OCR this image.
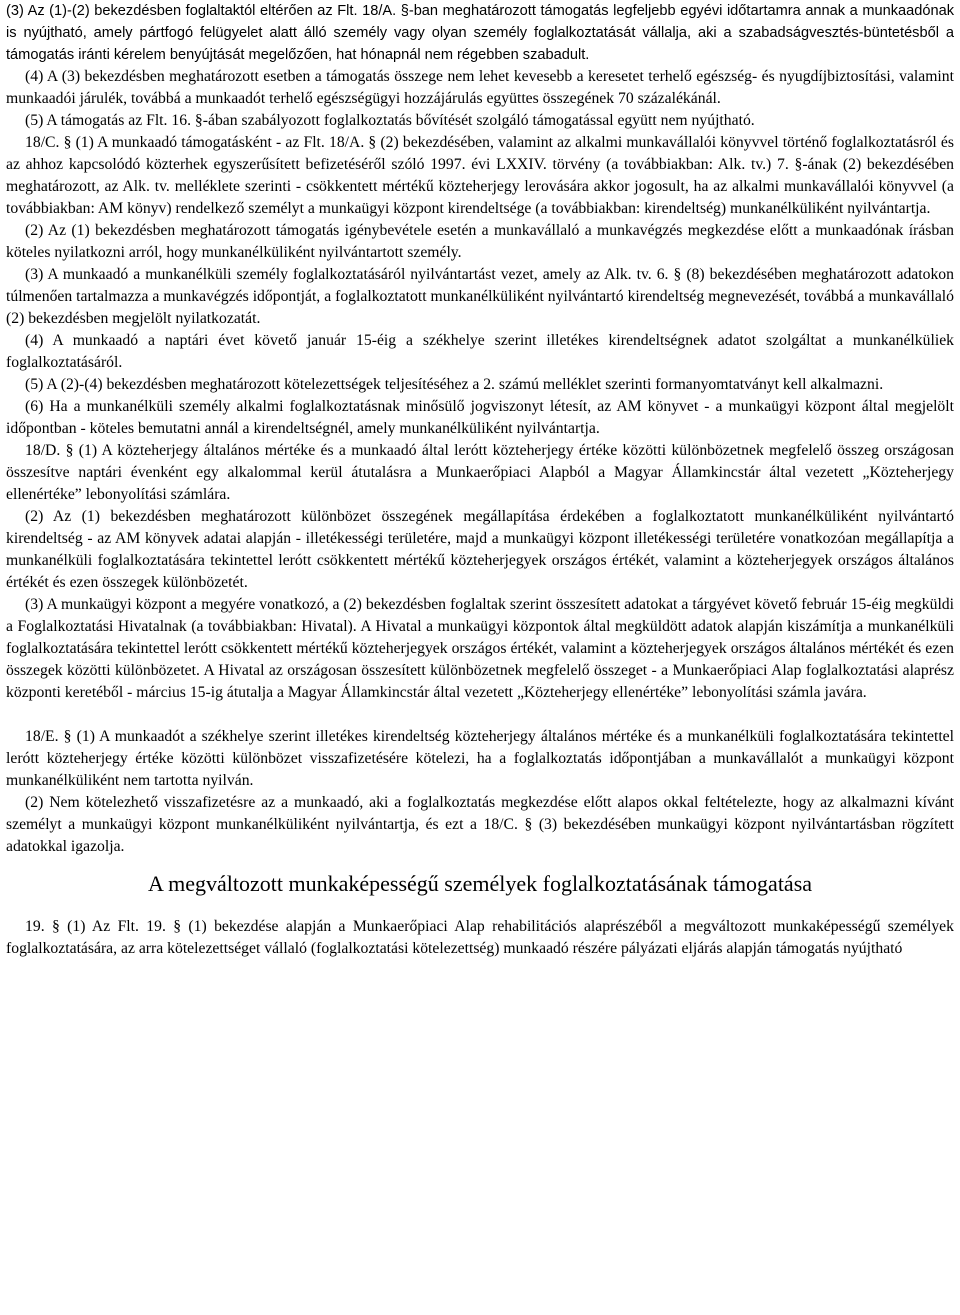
(3) Az (1)-(2) bekezdésben foglaltaktól eltérően az Flt. 18/A. §-ban meghatározott támogatás legfeljebb egyévi időtartamra annak a munkaadónak is nyújtható, amely pártfogó felügyelet alatt álló személy vagy olyan személy foglalkoztatását vállalja, aki a szabadságvesztés-büntetésből a támogatás iránti kérelem benyújtását megelőzően, hat hónapnál nem régebben szabadult.

(4) A (3) bekezdésben meghatározott esetben a támogatás összege nem lehet kevesebb a keresetet terhelő egészség- és nyugdíjbiztosítási, valamint munkaadói járulék, továbbá a munkaadót terhelő egészségügyi hozzájárulás együttes összegének 70 százalékánál.

(5) A támogatás az Flt. 16. §-ában szabályozott foglalkoztatás bővítését szolgáló támogatással együtt nem nyújtható.

18/C. § (1) A munkaadó támogatásként - az Flt. 18/A. § (2) bekezdésében, valamint az alkalmi munkavállalói könyvvel történő foglalkoztatásról és az ahhoz kapcsolódó közterhek egyszerűsített befizetéséről szóló 1997. évi LXXIV. törvény (a továbbiakban: Alk. tv.) 7. §-ának (2) bekezdésében meghatározott, az Alk. tv. melléklete szerinti - csökkentett mértékű közteherjegy lerovására akkor jogosult, ha az alkalmi munkavállalói könyvvel (a továbbiakban: AM könyv) rendelkező személyt a munkaügyi központ kirendeltsége (a továbbiakban: kirendeltség) munkanélküliként nyilvántartja.

(2) Az (1) bekezdésben meghatározott támogatás igénybevétele esetén a munkavállaló a munkavégzés megkezdése előtt a munkaadónak írásban köteles nyilatkozni arról, hogy munkanélküliként nyilvántartott személy.

(3) A munkaadó a munkanélküli személy foglalkoztatásáról nyilvántartást vezet, amely az Alk. tv. 6. § (8) bekezdésében meghatározott adatokon túlmenően tartalmazza a munkavégzés időpontját, a foglalkoztatott munkanélküliként nyilvántartó kirendeltség megnevezését, továbbá a munkavállaló (2) bekezdésben megjelölt nyilatkozatát.

(4) A munkaadó a naptári évet követő január 15-éig a székhelye szerint illetékes kirendeltségnek adatot szolgáltat a munkanélküliek foglalkoztatásáról.

(5) A (2)-(4) bekezdésben meghatározott kötelezettségek teljesítéséhez a 2. számú melléklet szerinti formanyomtatványt kell alkalmazni.

(6) Ha a munkanélküli személy alkalmi foglalkoztatásnak minősülő jogviszonyt létesít, az AM könyvet - a munkaügyi központ által megjelölt időpontban - köteles bemutatni annál a kirendeltségnél, amely munkanélküliként nyilvántartja.

18/D. § (1) A közteherjegy általános mértéke és a munkaadó által lerótt közteherjegy értéke közötti különbözetnek megfelelő összeg országosan összesítve naptári évenként egy alkalommal kerül átutalásra a Munkaerőpiaci Alapból a Magyar Államkincstár által vezetett „Közteherjegy ellenértéke” lebonyolítási számlára.

(2) Az (1) bekezdésben meghatározott különbözet összegének megállapítása érdekében a foglalkoztatott munkanélküliként nyilvántartó kirendeltség - az AM könyvek adatai alapján - illetékességi területére, majd a munkaügyi központ illetékességi területére vonatkozóan megállapítja a munkanélküli foglalkoztatására tekintettel lerótt csökkentett mértékű közteherjegyek országos értékét, valamint a közteherjegyek országos általános értékét és ezen összegek különbözetét.

(3) A munkaügyi központ a megyére vonatkozó, a (2) bekezdésben foglaltak szerint összesített adatokat a tárgyévet követő február 15-éig megküldi a Foglalkoztatási Hivatalnak (a továbbiakban: Hivatal). A Hivatal a munkaügyi központok által megküldött adatok alapján kiszámítja a munkanélküli foglalkoztatására tekintettel lerótt csökkentett mértékű közteherjegyek országos értékét, valamint a közteherjegyek országos általános mértékét és ezen összegek közötti különbözetet. A Hivatal az országosan összesített különbözetnek megfelelő összeget - a Munkaerőpiaci Alap foglalkoztatási alaprész központi keretéből - március 15-ig átutalja a Magyar Államkincstár által vezetett „Közteherjegy ellenértéke” lebonyolítási számla javára.

18/E. § (1) A munkaadót a székhelye szerint illetékes kirendeltség közteherjegy általános mértéke és a munkanélküli foglalkoztatására tekintettel lerótt közteherjegy értéke közötti különbözet visszafizetésére kötelezi, ha a foglalkoztatás időpontjában a munkavállalót a munkaügyi központ munkanélküliként nem tartotta nyilván.

(2) Nem kötelezhető visszafizetésre az a munkaadó, aki a foglalkoztatás megkezdése előtt alapos okkal feltételezte, hogy az alkalmazni kívánt személyt a munkaügyi központ munkanélküliként nyilvántartja, és ezt a 18/C. § (3) bekezdésében munkaügyi központ nyilvántartásban rögzített adatokkal igazolja.

A megváltozott munkaképességű személyek foglalkoztatásának támogatása

19. § (1) Az Flt. 19. § (1) bekezdése alapján a Munkaerőpiaci Alap rehabilitációs alaprészéből a megváltozott munkaképességű személyek foglalkoztatására, az arra kötelezettséget vállaló (foglalkoztatási kötelezettség) munkaadó részére pályázati eljárás alapján támogatás nyújtható
